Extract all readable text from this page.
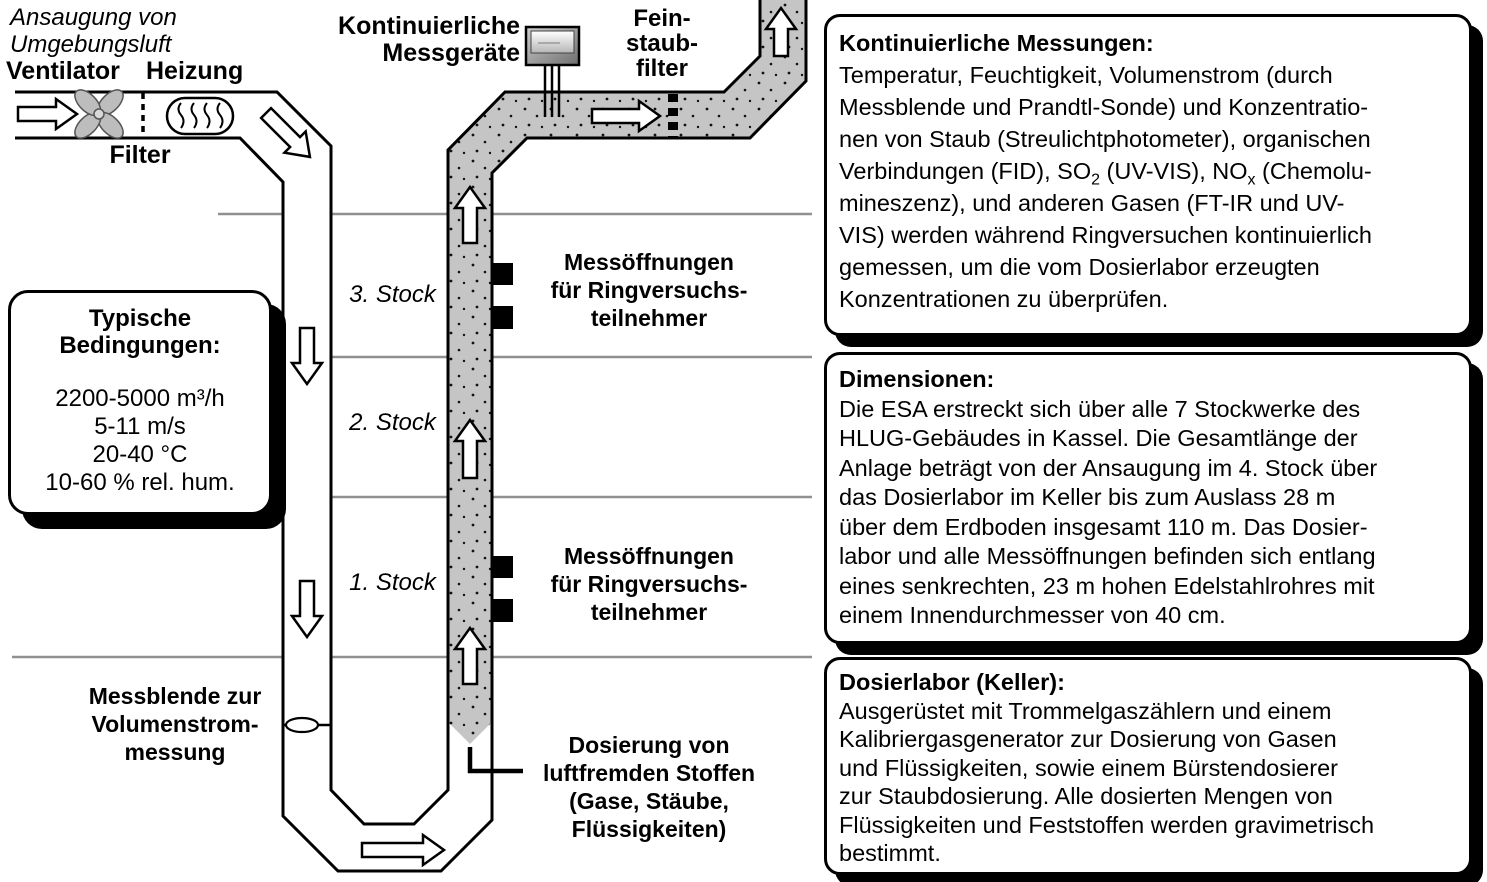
Ansaugung von
Umgebungsluft
Ventilator Heizung
Filter
Kontinuierliche
Messgeräte
Fein-
staub-
filter
3. Stock
2. Stock
1. Stock
Messöffnungen
für Ringversuchs-
teilnehmer
Messöffnungen
für Ringversuchs-
teilnehmer
Messblende zur
Volumenstrom-
messung	Dosierung von
luftfremden Stoffen
(Gase, Stäube,
Flüssigkeiten)
Typische
Bedingungen:
2200-5000 m³/h
5-11 m/s
20-40 °C
10-60 % rel. hum.
Kontinuierliche Messungen:
Temperatur, Feuchtigkeit, Volumenstrom (durch
Messblende und Prandtl-Sonde) und Konzentratio-
nen von Staub (Streulichtphotometer), organischen
Verbindungen (FID), $SO_2$ (UV-VIS), $NO_x$ (Chemolu-
mineszenz), und anderen Gasen (FT-IR und UV-
VIS) werden während Ringversuchen kontinuierlich
gemessen, um die vom Dosierlabor erzeugten
Konzentrationen zu überprüfen.
Dimensionen:
Die ESA erstreckt sich über alle 7 Stockwerke des
HLUG-Gebäudes in Kassel. Die Gesamtlänge der
Anlage beträgt von der Ansaugung im 4. Stock über
das Dosierlabor im Keller bis zum Auslass 28 m
über dem Erdboden insgesamt 110 m. Das Dosier-
labor und alle Messöffnungen befinden sich entlang
eines senkrechten, 23 m hohen Edelstahlrohres mit
einem Innendurchmesser von 40 cm.
Dosierlabor (Keller):
Ausgerüstet mit Trommelgaszählern und einem
Kalibriergasgenerator zur Dosierung von Gasen
und Flüssigkeiten, sowie einem Bürstendosierer
zur Staubdosierung. Alle dosierten Mengen von
Flüssigkeiten und Feststoffen werden gravimetrisch
bestimmt.
